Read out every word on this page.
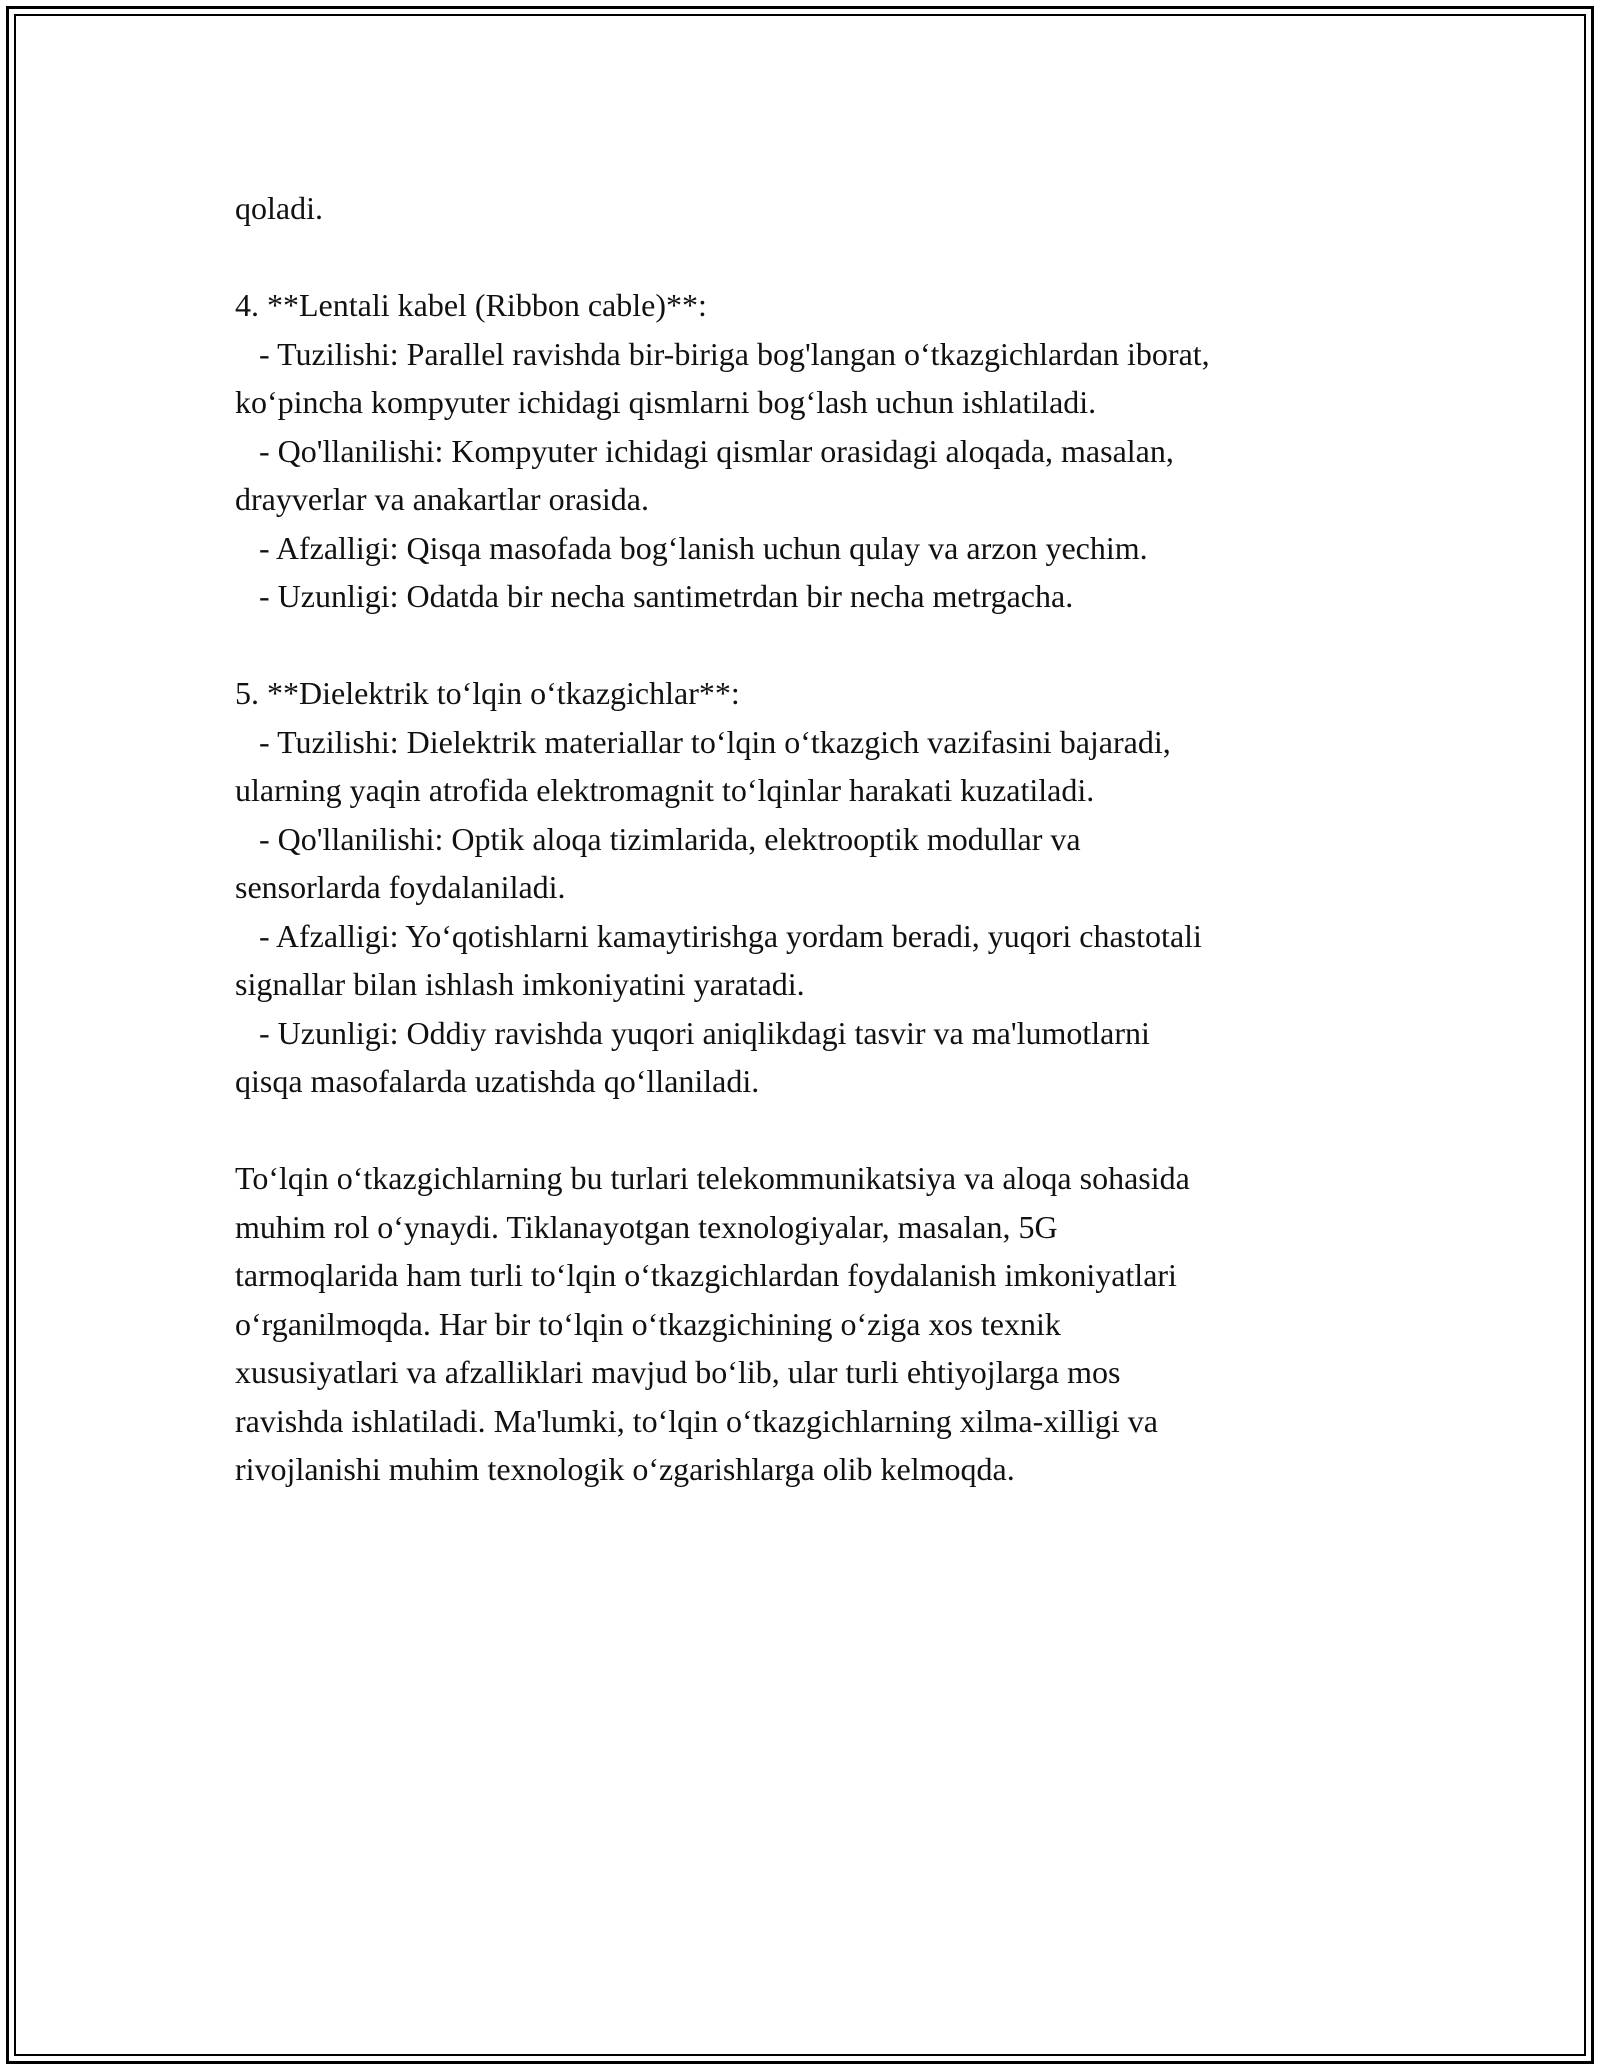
qoladi.
4. **Lentali kabel (Ribbon cable)**:
- Tuzilishi: Parallel ravishda bir-biriga bog'langan o‘tkazgichlardan iborat,
ko‘pincha kompyuter ichidagi qismlarni bog‘lash uchun ishlatiladi.
- Qo'llanilishi: Kompyuter ichidagi qismlar orasidagi aloqada, masalan,
drayverlar va anakartlar orasida.
- Afzalligi: Qisqa masofada bog‘lanish uchun qulay va arzon yechim.
- Uzunligi: Odatda bir necha santimetrdan bir necha metrgacha.
5. **Dielektrik to‘lqin o‘tkazgichlar**:
- Tuzilishi: Dielektrik materiallar to‘lqin o‘tkazgich vazifasini bajaradi,
ularning yaqin atrofida elektromagnit to‘lqinlar harakati kuzatiladi.
- Qo'llanilishi: Optik aloqa tizimlarida, elektrooptik modullar va
sensorlarda foydalaniladi.
- Afzalligi: Yo‘qotishlarni kamaytirishga yordam beradi, yuqori chastotali
signallar bilan ishlash imkoniyatini yaratadi.
- Uzunligi: Oddiy ravishda yuqori aniqlikdagi tasvir va ma'lumotlarni
qisqa masofalarda uzatishda qo‘llaniladi.
To‘lqin o‘tkazgichlarning bu turlari telekommunikatsiya va aloqa sohasida
muhim rol o‘ynaydi. Tiklanayotgan texnologiyalar, masalan, 5G
tarmoqlarida ham turli to‘lqin o‘tkazgichlardan foydalanish imkoniyatlari
o‘rganilmoqda. Har bir to‘lqin o‘tkazgichining o‘ziga xos texnik
xususiyatlari va afzalliklari mavjud bo‘lib, ular turli ehtiyojlarga mos
ravishda ishlatiladi. Ma'lumki, to‘lqin o‘tkazgichlarning xilma-xilligi va
rivojlanishi muhim texnologik o‘zgarishlarga olib kelmoqda.
